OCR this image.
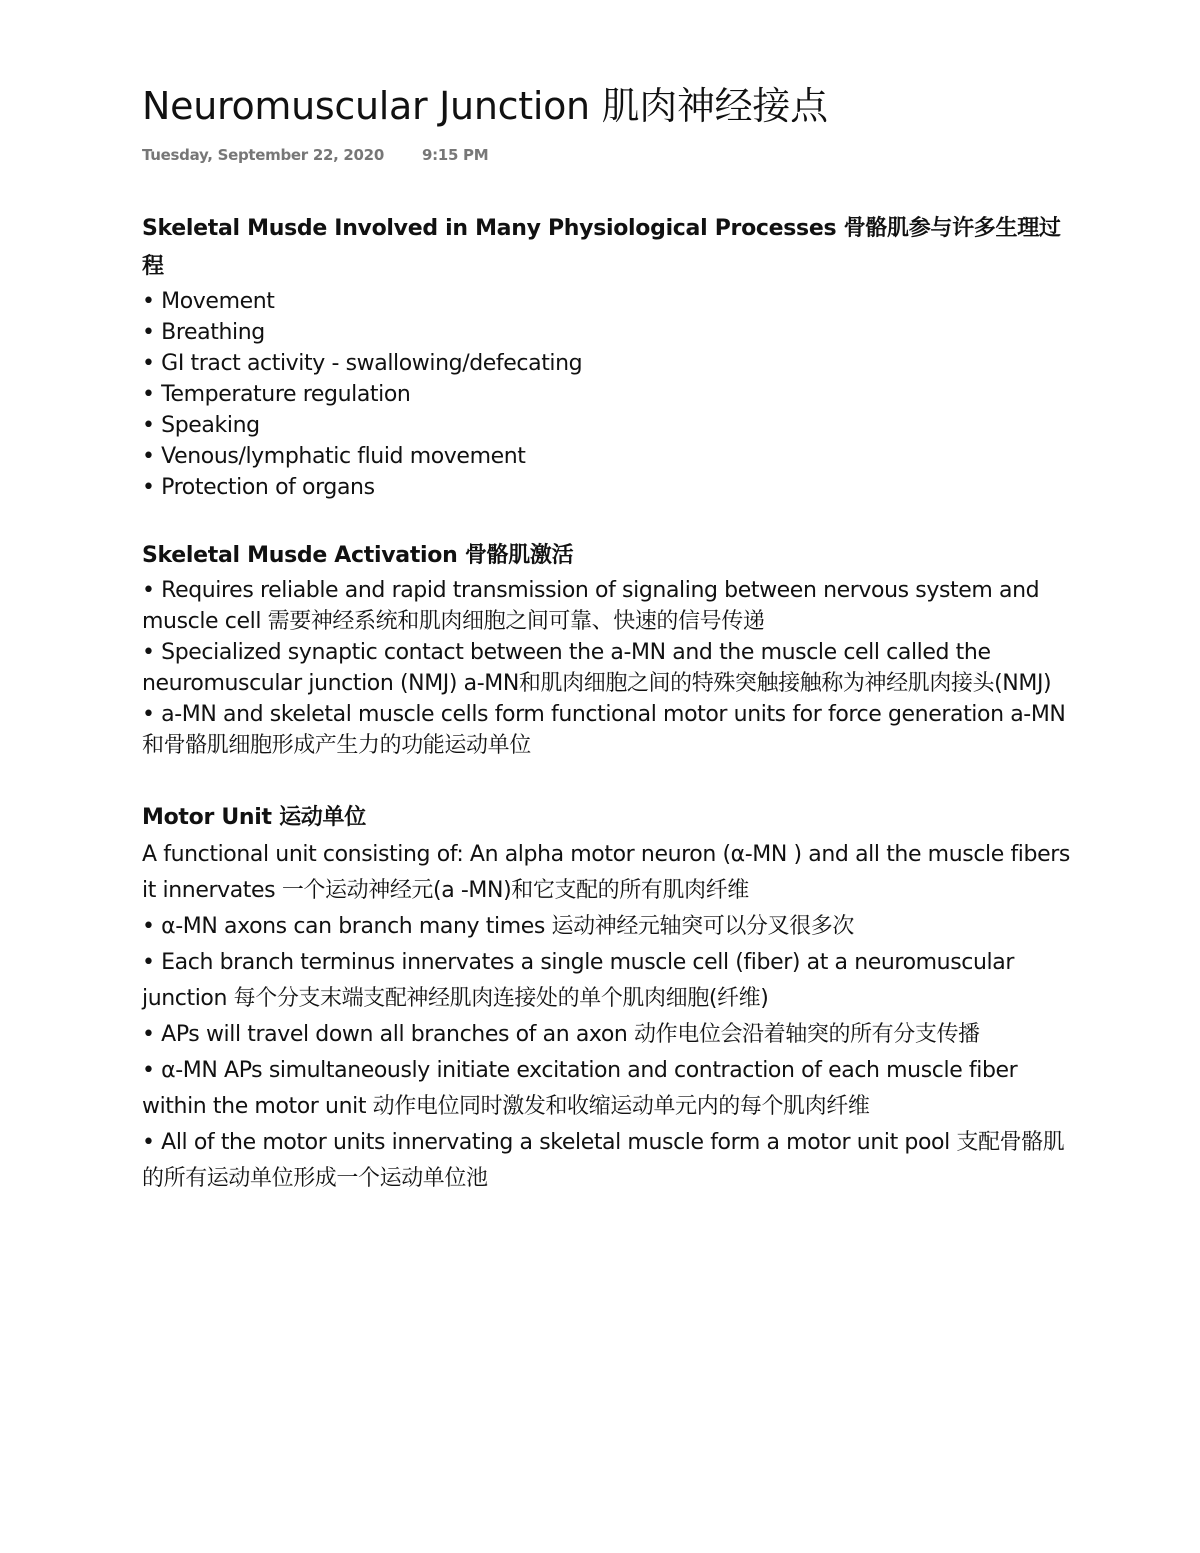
Neuromuscular Junction 肌肉神经接点
Tuesday, September 22, 2020	9:15 PM

Skeletal Musde Involved in Many Physiological Processes 骨骼肌参与许多生理过程

• Movement

• Breathing

• GI tract activity - swallowing/defecating

• Temperature regulation

• Speaking

• Venous/lymphatic fluid movement

• Protection of organs

Skeletal Musde Activation 骨骼肌激活

• Requires reliable and rapid transmission of signaling between nervous system and muscle cell 需要神经系统和肌肉细胞之间可靠、快速的信号传递

• Specialized synaptic contact between the a-MN and the muscle cell called the neuromuscular junction (NMJ) a-MN和肌肉细胞之间的特殊突触接触称为神经肌肉接头(NMJ)

• a-MN and skeletal muscle cells form functional motor units for force generation a-MN和骨骼肌细胞形成产生力的功能运动单位

Motor Unit 运动单位

A functional unit consisting of: An alpha motor neuron (α-MN ) and all the muscle fibers it innervates 一个运动神经元(a -MN)和它支配的所有肌肉纤维

• α-MN axons can branch many times 运动神经元轴突可以分叉很多次

• Each branch terminus innervates a single muscle cell (fiber) at a neuromuscular junction 每个分支末端支配神经肌肉连接处的单个肌肉细胞(纤维)

• APs will travel down all branches of an axon 动作电位会沿着轴突的所有分支传播

• α-MN APs simultaneously initiate excitation and contraction of each muscle fiber within the motor unit 动作电位同时激发和收缩运动单元内的每个肌肉纤维

• All of the motor units innervating a skeletal muscle form a motor unit pool 支配骨骼肌的所有运动单位形成一个运动单位池
